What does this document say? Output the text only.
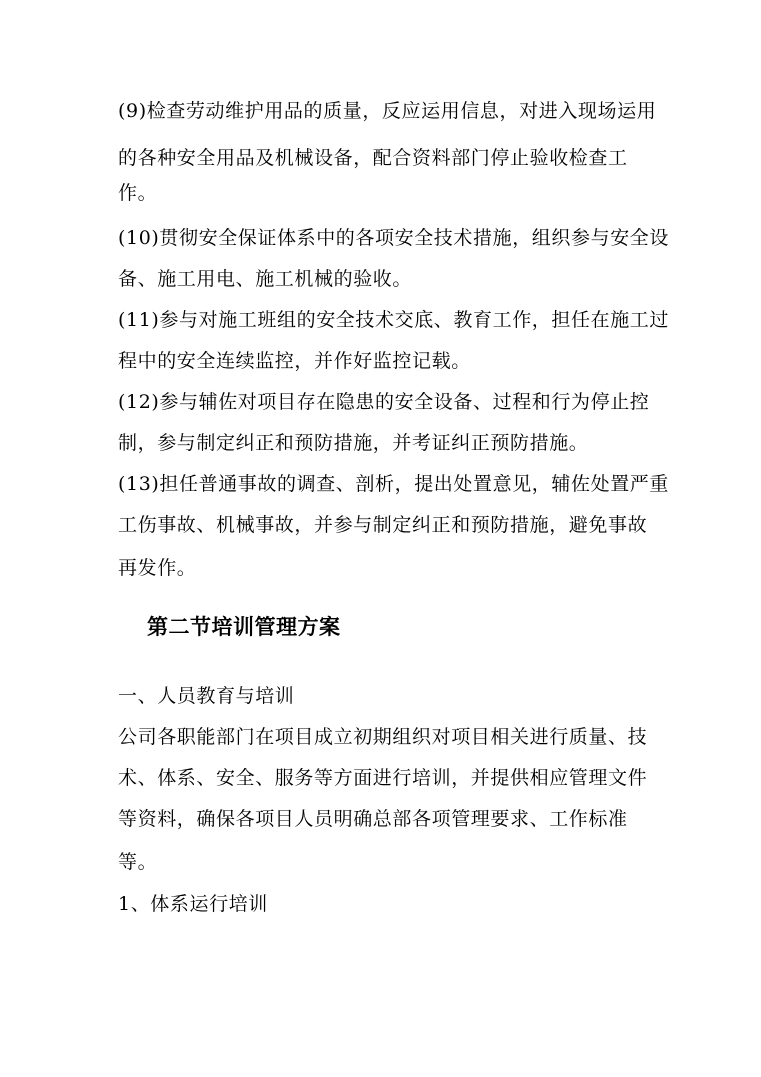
(9)检查劳动维护用品的质量，反应运用信息，对进入现场运用
的各种安全用品及机械设备，配合资料部门停止验收检查工
作。
(10)贯彻安全保证体系中的各项安全技术措施，组织参与安全设
备、施工用电、施工机械的验收。
(11)参与对施工班组的安全技术交底、教育工作，担任在施工过
程中的安全连续监控，并作好监控记载。
(12)参与辅佐对项目存在隐患的安全设备、过程和行为停止控
制，参与制定纠正和预防措施，并考证纠正预防措施。
(13)担任普通事故的调查、剖析，提出处置意见，辅佐处置严重
工伤事故、机械事故，并参与制定纠正和预防措施，避免事故
再发作。
第二节培训管理方案
一、人员教育与培训
公司各职能部门在项目成立初期组织对项目相关进行质量、技
术、体系、安全、服务等方面进行培训，并提供相应管理文件
等资料，确保各项目人员明确总部各项管理要求、工作标准
等。
1、体系运行培训
